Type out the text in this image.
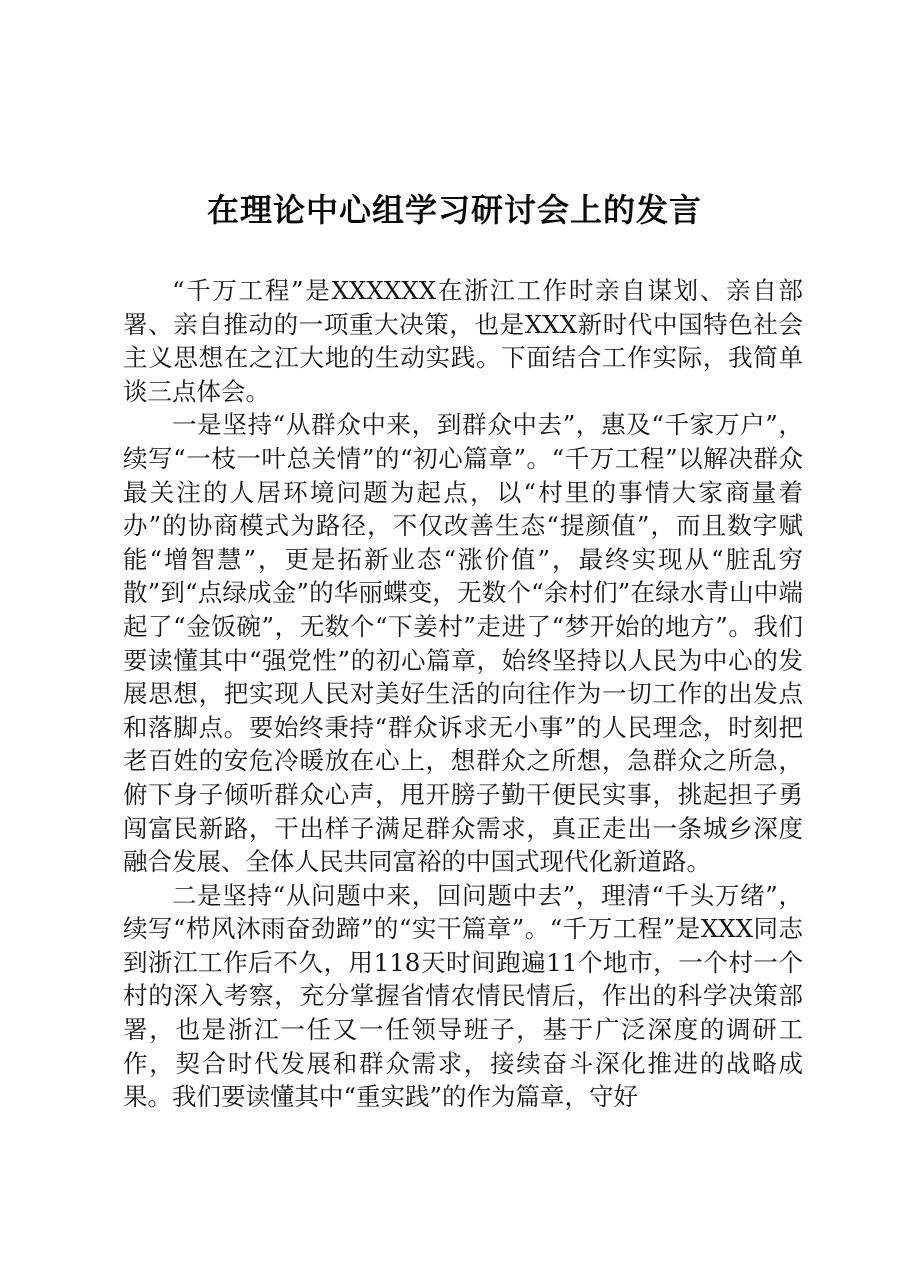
在理论中心组学习研讨会上的发言

“千万工程”是XXXXXX在浙江工作时亲自谋划、亲自部署、亲自推动的一项重大决策，也是XXX新时代中国特色社会主义思想在之江大地的生动实践。下面结合工作实际，我简单谈三点体会。

一是坚持“从群众中来，到群众中去”，惠及“千家万户”，续写“一枝一叶总关情”的“初心篇章”。“千万工程”以解决群众最关注的人居环境问题为起点，以“村里的事情大家商量着办”的协商模式为路径，不仅改善生态“提颜值”，而且数字赋能“增智慧”，更是拓新业态“涨价值”，最终实现从“脏乱穷散”到“点绿成金”的华丽蝶变，无数个“余村们”在绿水青山中端起了“金饭碗”，无数个“下姜村”走进了“梦开始的地方”。我们要读懂其中“强党性”的初心篇章，始终坚持以人民为中心的发展思想，把实现人民对美好生活的向往作为一切工作的出发点和落脚点。要始终秉持“群众诉求无小事”的人民理念，时刻把老百姓的安危冷暖放在心上，想群众之所想，急群众之所急，俯下身子倾听群众心声，甩开膀子勤干便民实事，挑起担子勇闯富民新路，干出样子满足群众需求，真正走出一条城乡深度融合发展、全体人民共同富裕的中国式现代化新道路。

二是坚持“从问题中来，回问题中去”，理清“千头万绪”，续写“栉风沐雨奋劲蹄”的“实干篇章”。“千万工程”是XXX同志到浙江工作后不久，用118天时间跑遍11个地市，一个村一个村的深入考察，充分掌握省情农情民情后，作出的科学决策部署，也是浙江一任又一任领导班子，基于广泛深度的调研工作，契合时代发展和群众需求，接续奋斗深化推进的战略成果。我们要读懂其中“重实践”的作为篇章，守好
